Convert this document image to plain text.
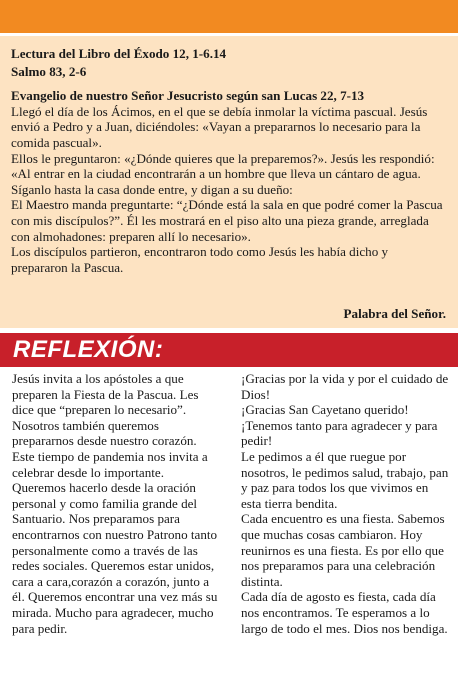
Lectura del Libro del Éxodo 12, 1-6.14

Salmo 83, 2-6

Evangelio de nuestro Señor Jesucristo según san Lucas 22, 7-13

Llegó el día de los Ácimos, en el que se debía inmolar la víctima pascual. Jesús envió a Pedro y a Juan, diciéndoles: «Vayan a prepararnos lo necesario para la comida pascual».

Ellos le preguntaron: «¿Dónde quieres que la preparemos?». Jesús les respondió: «Al entrar en la ciudad encontrarán a un hombre que lleva un cántaro de agua. Síganlo hasta la casa donde entre, y digan a su dueño:

El Maestro manda preguntarte: “¿Dónde está la sala en que podré comer la Pascua con mis discípulos?”. Él les mostrará en el piso alto una pieza grande, arreglada con almohadones: preparen allí lo necesario».

Los discípulos partieron, encontraron todo como Jesús les había dicho y prepararon la Pascua.

Palabra del Señor.
REFLEXIÓN:

Jesús invita a los apóstoles a que preparen la Fiesta de la Pascua. Les dice que “preparen lo necesario”. Nosotros también queremos prepararnos desde nuestro corazón.

Este tiempo de pandemia nos invita a celebrar desde lo importante. Queremos hacerlo desde la oración personal y como familia grande del Santuario. Nos preparamos para encontrarnos con nuestro Patrono tanto personalmente como a través de las redes sociales. Queremos estar unidos, cara a cara,corazón a corazón, junto a él. Queremos encontrar una vez más su mirada. Mucho para agradecer, mucho para pedir.

¡Gracias por la vida y por el cuidado de Dios!

¡Gracias San Cayetano querido!

¡Tenemos tanto para agradecer y para pedir!

Le pedimos a él que ruegue por nosotros, le pedimos salud, trabajo, pan y paz para todos los que vivimos en esta tierra bendita.

Cada encuentro es una fiesta. Sabemos que muchas cosas cambiaron. Hoy reunirnos es una fiesta. Es por ello que nos preparamos para una celebración distinta.

Cada día de agosto es fiesta, cada día nos encontramos. Te esperamos a lo largo de todo el mes. Dios nos bendiga.
